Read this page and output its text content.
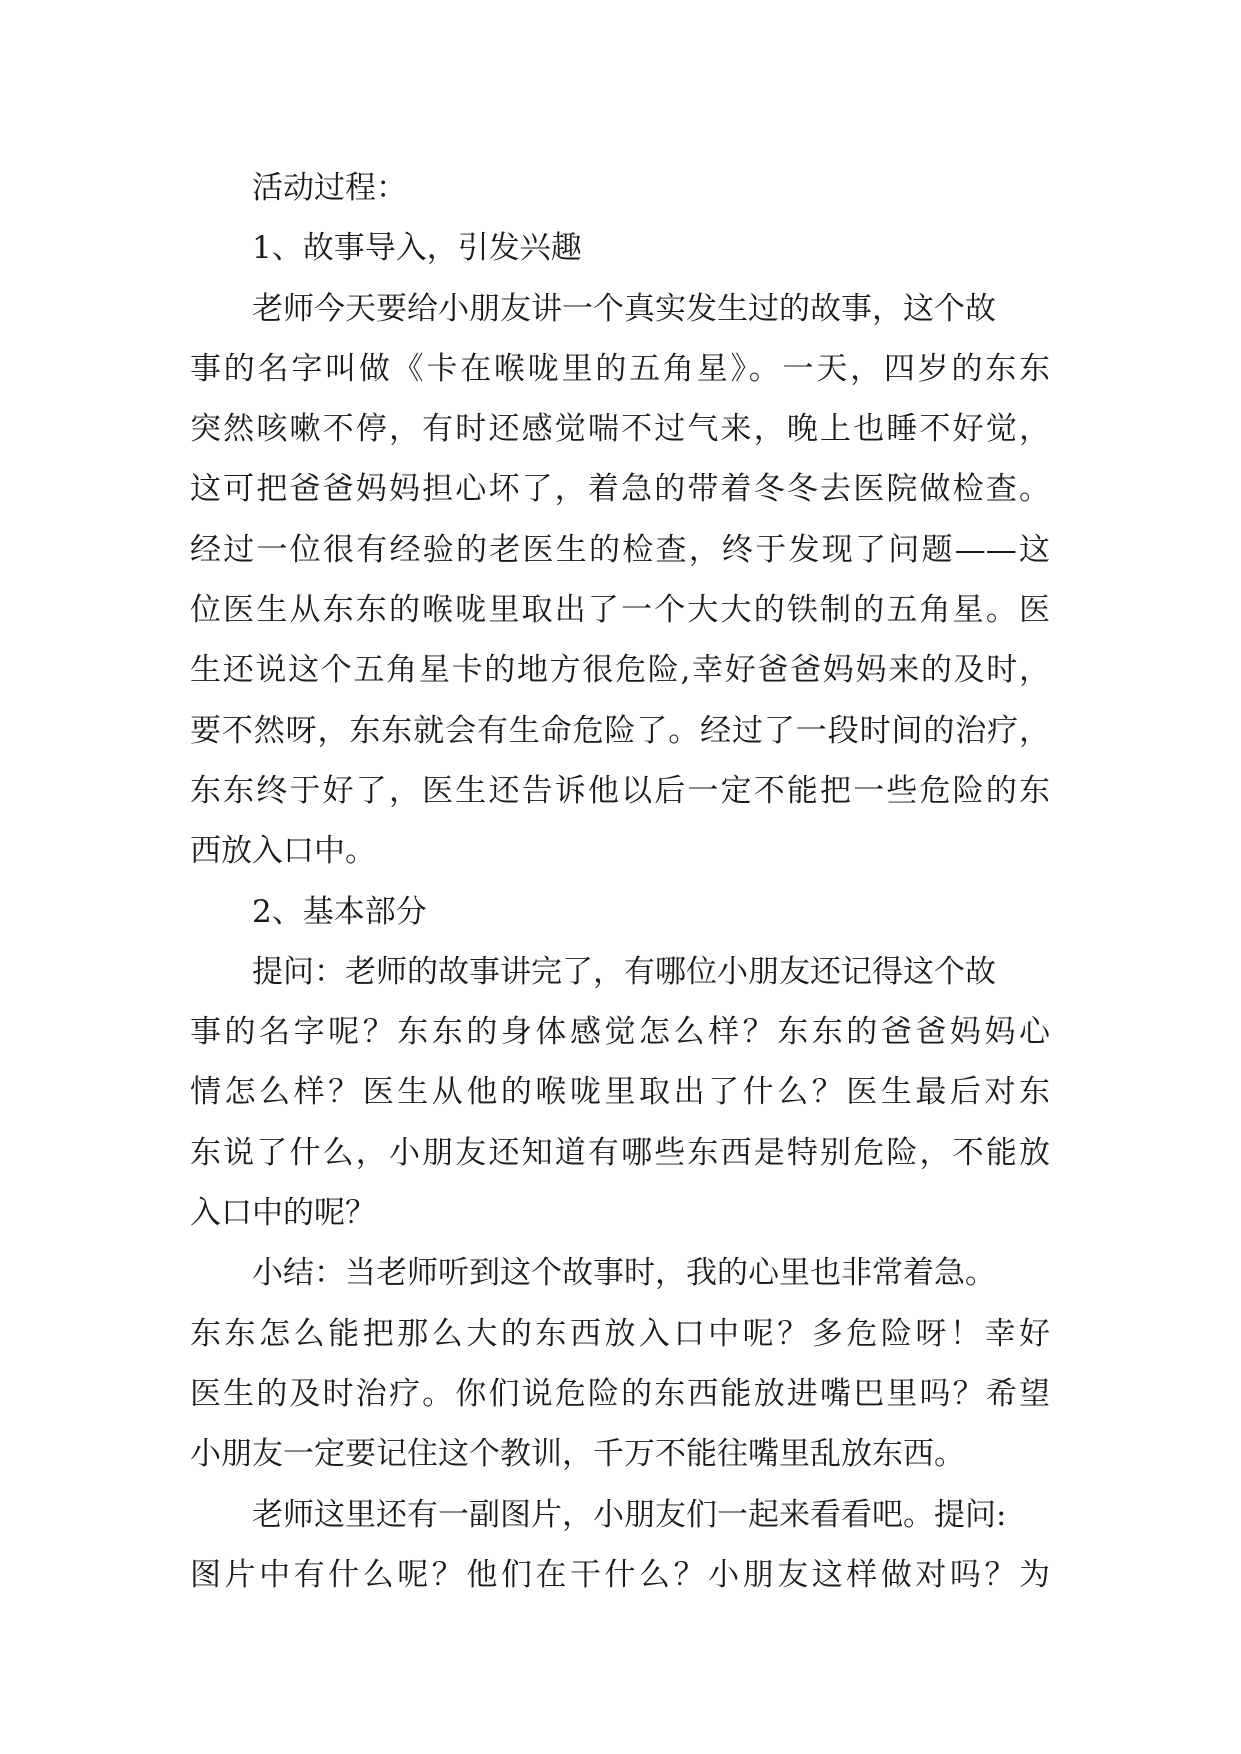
活动过程：
1、故事导入，引发兴趣
老师今天要给小朋友讲一个真实发生过的故事，这个故
事的名字叫做《卡在喉咙里的五角星》。一天，四岁的东东
突然咳嗽不停，有时还感觉喘不过气来，晚上也睡不好觉，
这可把爸爸妈妈担心坏了，着急的带着冬冬去医院做检查。
经过一位很有经验的老医生的检查，终于发现了问题——这
位医生从东东的喉咙里取出了一个大大的铁制的五角星。医
生还说这个五角星卡的地方很危险,幸好爸爸妈妈来的及时，
要不然呀，东东就会有生命危险了。经过了一段时间的治疗，
东东终于好了，医生还告诉他以后一定不能把一些危险的东
西放入口中。
2、基本部分
提问：老师的故事讲完了，有哪位小朋友还记得这个故
事的名字呢？东东的身体感觉怎么样？东东的爸爸妈妈心
情怎么样？医生从他的喉咙里取出了什么？医生最后对东
东说了什么，小朋友还知道有哪些东西是特别危险，不能放
入口中的呢？
小结：当老师听到这个故事时，我的心里也非常着急。
东东怎么能把那么大的东西放入口中呢？多危险呀！幸好
医生的及时治疗。你们说危险的东西能放进嘴巴里吗？希望
小朋友一定要记住这个教训，千万不能往嘴里乱放东西。
老师这里还有一副图片，小朋友们一起来看看吧。提问:
图片中有什么呢？他们在干什么？小朋友这样做对吗？为
